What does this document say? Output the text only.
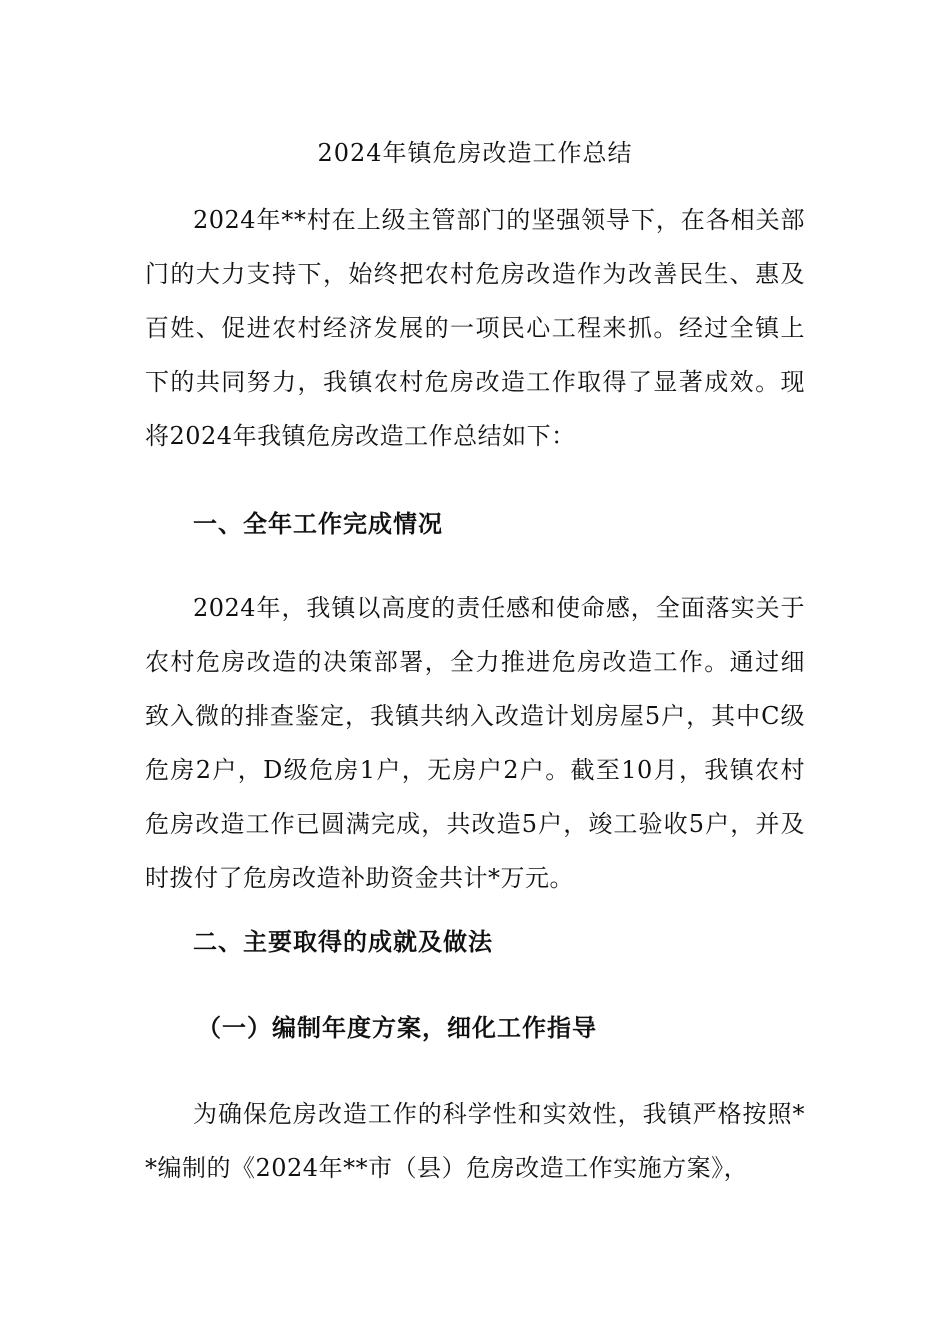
2024年镇危房改造工作总结

2024年**村在上级主管部门的坚强领导下，在各相关部门的大力支持下，始终把农村危房改造作为改善民生、惠及百姓、促进农村经济发展的一项民心工程来抓。经过全镇上下的共同努力，我镇农村危房改造工作取得了显著成效。现将2024年我镇危房改造工作总结如下：

一、全年工作完成情况

2024年，我镇以高度的责任感和使命感，全面落实关于农村危房改造的决策部署，全力推进危房改造工作。通过细致入微的排查鉴定，我镇共纳入改造计划房屋5户，其中C级危房2户，D级危房1户，无房户2户。截至10月，我镇农村危房改造工作已圆满完成，共改造5户，竣工验收5户，并及时拨付了危房改造补助资金共计*万元。

二、主要取得的成就及做法
（一）编制年度方案，细化工作指导

为确保危房改造工作的科学性和实效性，我镇严格按照**编制的《2024年**市（县）危房改造工作实施方案》，
